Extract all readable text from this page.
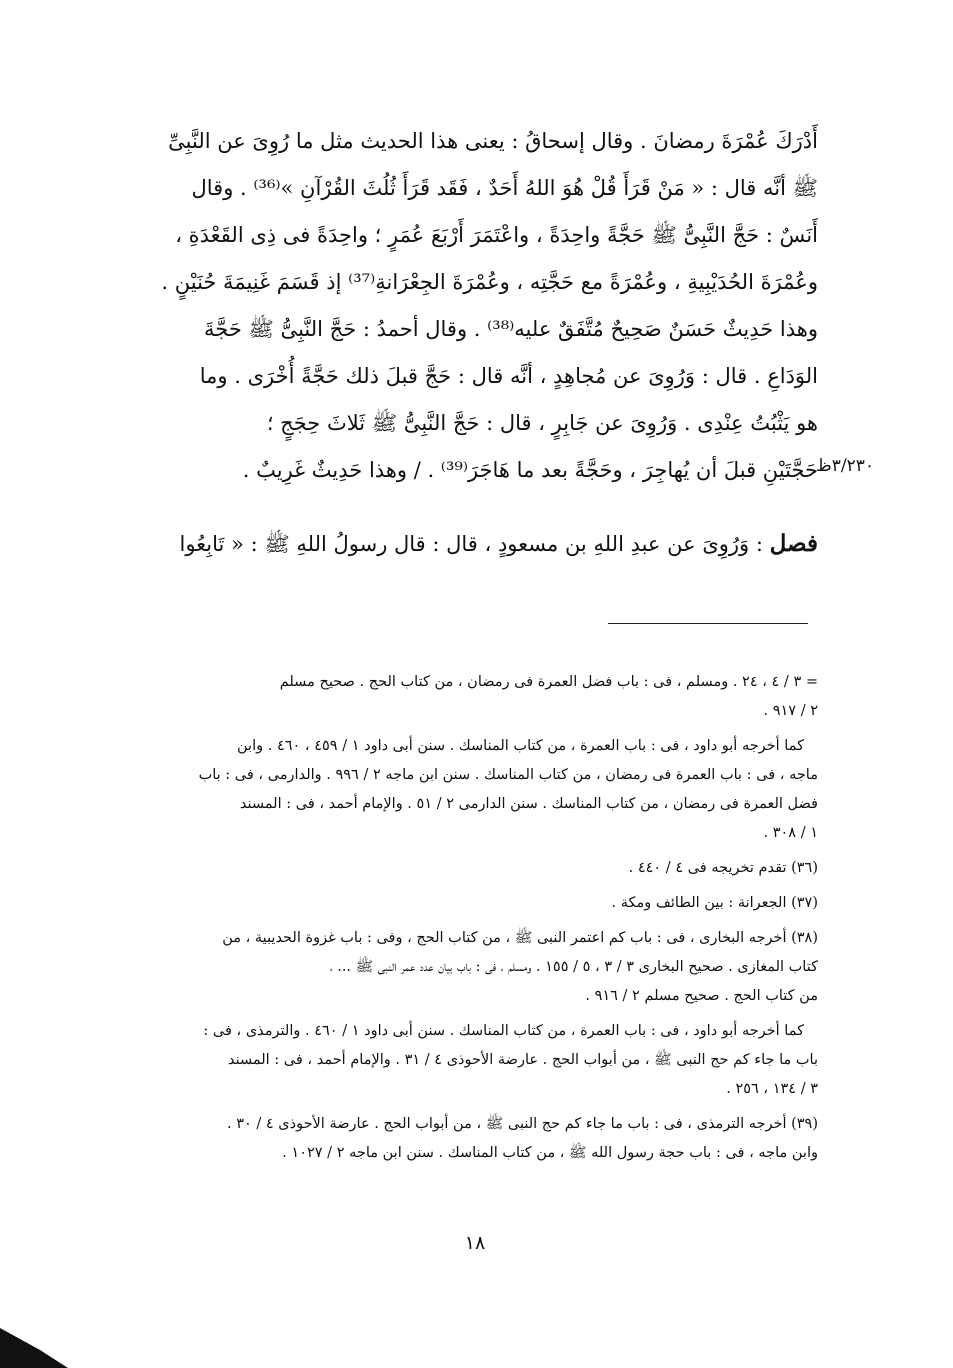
أَدْرَكَ عُمْرَةَ رمضانَ . وقال إسحاقُ : يعنى هذا الحديث مثل ما رُوِىَ عن النَّبِىِّ
ﷺ أنَّه قال : « مَنْ قَرَأَ قُلْ هُوَ اللهُ أَحَدٌ ، فَقَد قَرَأَ ثُلُثَ القُرْآنِ »⁽³⁶⁾ . وقال
أَنَسٌ : حَجَّ النَّبِىُّ ﷺ حَجَّةً واحِدَةً ، واعْتَمَرَ أَرْبَعَ عُمَرٍ ؛ واحِدَةً فى ذِى القَعْدَةِ ،
وعُمْرَةَ الحُدَيْبِيةِ ، وعُمْرَةً مع حَجَّتِه ، وعُمْرَةَ الجِعْرَانةِ⁽³⁷⁾ إذ قَسَمَ غَنِيمَةَ حُنَيْنٍ .
وهذا حَدِيثٌ حَسَنٌ صَحِيحٌ مُتَّفَقٌ عليه⁽³⁸⁾ . وقال أحمدُ : حَجَّ النَّبِىُّ ﷺ حَجَّةَ
الوَدَاعِ . قال : وَرُوِىَ عن مُجاهِدٍ ، أنَّه قال : حَجَّ قبلَ ذلك حَجَّةً أُخْرَى . وما
هو يَثْبُتُ عِنْدِى . وَرُوِىَ عن جَابِرٍ ، قال : حَجَّ النَّبِىُّ ﷺ ثَلاثَ حِجَجٍ ؛
حَجَّتَيْنِ قبلَ أن يُهاجِرَ ، وحَجَّةً بعد ما هَاجَرَ⁽³⁹⁾ . / وهذا حَدِيثٌ غَرِيبٌ .
٣/٢٣٠ظ
فصل : وَرُوِىَ عن عبدِ اللهِ بن مسعودٍ ، قال : قال رسولُ اللهِ ﷺ : « تَابِعُوا
= ٣ / ٤ ، ٢٤ . ومسلم ، فى : باب فضل العمرة فى رمضان ، من كتاب الحج . صحيح مسلم
٢ / ٩١٧ .
كما أخرجه أبو داود ، فى : باب العمرة ، من كتاب المناسك . سنن أبى داود ١ / ٤٥٩ ، ٤٦٠ . وابن
ماجه ، فى : باب العمرة فى رمضان ، من كتاب المناسك . سنن ابن ماجه ٢ / ٩٩٦ . والدارمى ، فى : باب
فضل العمرة فى رمضان ، من كتاب المناسك . سنن الدارمى ٢ / ٥١ . والإمام أحمد ، فى : المسند
١ / ٣٠٨ .
(٣٦) تقدم تخريجه فى ٤ / ٤٤٠ .
(٣٧) الجعرانة : بين الطائف ومكة .
(٣٨) أخرجه البخارى ، فى : باب كم اعتمر النبى ﷺ ، من كتاب الحج ، وفى : باب غزوة الحديبية ، من
كتاب المغازى . صحيح البخارى ٣ / ٣ ، ٥ / ١٥٥ . ومسلم ، فى : باب بيان عدد عمر النبى ﷺ ... ،
من كتاب الحج . صحيح مسلم ٢ / ٩١٦ .
كما أخرجه أبو داود ، فى : باب العمرة ، من كتاب المناسك . سنن أبى داود ١ / ٤٦٠ . والترمذى ، فى :
باب ما جاء كم حج النبى ﷺ ، من أبواب الحج . عارضة الأحوذى ٤ / ٣١ . والإمام أحمد ، فى : المسند
٣ / ١٣٤ ، ٢٥٦ .
(٣٩) أخرجه الترمذى ، فى : باب ما جاء كم حج النبى ﷺ ، من أبواب الحج . عارضة الأحوذى ٤ / ٣٠ .
وابن ماجه ، فى : باب حجة رسول الله ﷺ ، من كتاب المناسك . سنن ابن ماجه ٢ / ١٠٢٧ .
١٨
